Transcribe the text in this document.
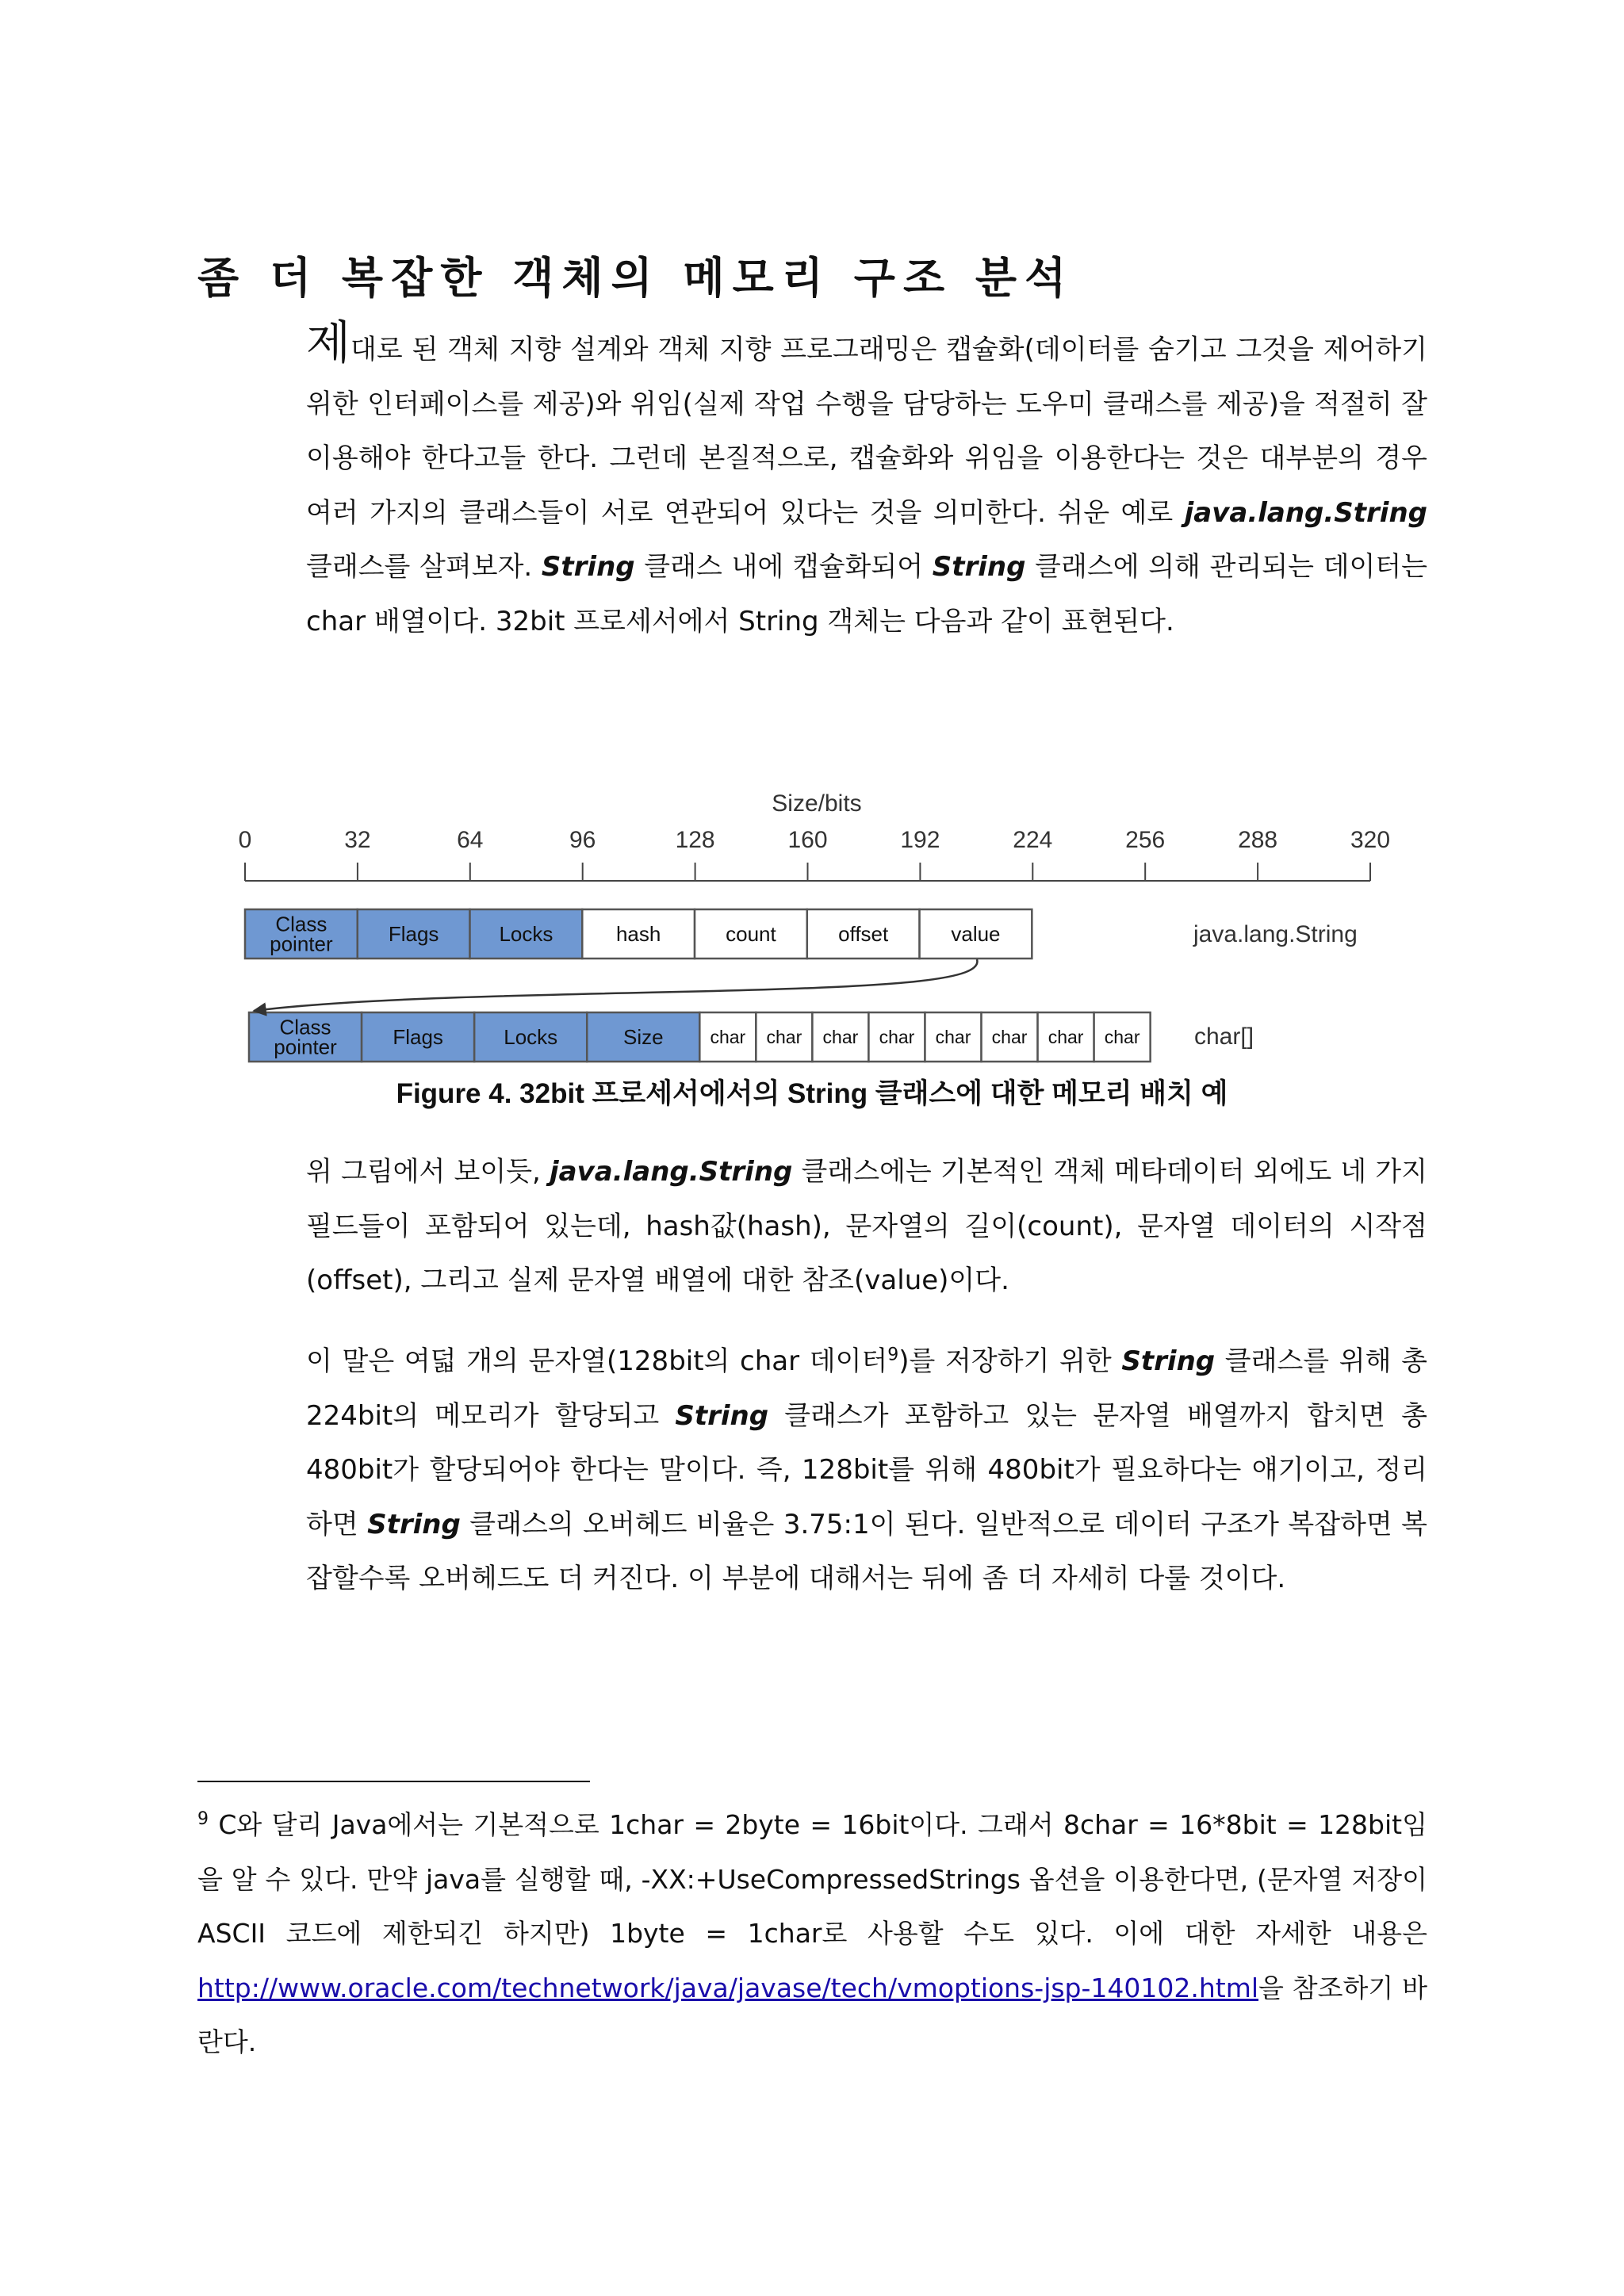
좀 더 복잡한 객체의 메모리 구조 분석

제대로 된 객체 지향 설계와 객체 지향 프로그래밍은 캡슐화(데이터를 숨기고 그것을 제어하기 위한 인터페이스를 제공)와 위임(실제 작업 수행을 담당하는 도우미 클래스를 제공)을 적절히 잘 이용해야 한다고들 한다. 그런데 본질적으로, 캡슐화와 위임을 이용한다는 것은 대부분의 경우 여러 가지의 클래스들이 서로 연관되어 있다는 것을 의미한다. 쉬운 예로 java.lang.String 클래스를 살펴보자. String 클래스 내에 캡슐화되어 String 클래스에 의해 관리되는 데이터는 char 배열이다. 32bit 프로세서에서 String 객체는 다음과 같이 표현된다.

Size/bits
0	32	64	96	128	160	192	224	256	288	320
Class
pointer	Flags	Locks	hash	count	offset	value
Class
pointer	Flags	Locks	Size	char char char char char char char char
java.lang.String
char[]

Figure 4. 32bit 프로세서에서의 String 클래스에 대한 메모리 배치 예

위 그림에서 보이듯, java.lang.String 클래스에는 기본적인 객체 메타데이터 외에도 네 가지 필드들이 포함되어 있는데, hash값(hash), 문자열의 길이(count), 문자열 데이터의 시작점(offset), 그리고 실제 문자열 배열에 대한 참조(value)이다.

이 말은 여덟 개의 문자열(128bit의 char 데이터$^9$)를 저장하기 위한 String 클래스를 위해 총 224bit의 메모리가 할당되고 String 클래스가 포함하고 있는 문자열 배열까지 합치면 총 480bit가 할당되어야 한다는 말이다. 즉, 128bit를 위해 480bit가 필요하다는 얘기이고, 정리하면 String 클래스의 오버헤드 비율은 3.75:1이 된다. 일반적으로 데이터 구조가 복잡하면 복잡할수록 오버헤드도 더 커진다. 이 부분에 대해서는 뒤에 좀 더 자세히 다룰 것이다.

$^9$ C와 달리 Java에서는 기본적으로 1char = 2byte = 16bit이다. 그래서 8char = 16*8bit = 128bit임을 알 수 있다. 만약 java를 실행할 때, -XX:+UseCompressedStrings 옵션을 이용한다면, (문자열 저장이 ASCII 코드에 제한되긴 하지만) 1byte = 1char로 사용할 수도 있다. 이에 대한 자세한 내용은 http://www.oracle.com/technetwork/java/javase/tech/vmoptions-jsp-140102.html을 참조하기 바란다.
